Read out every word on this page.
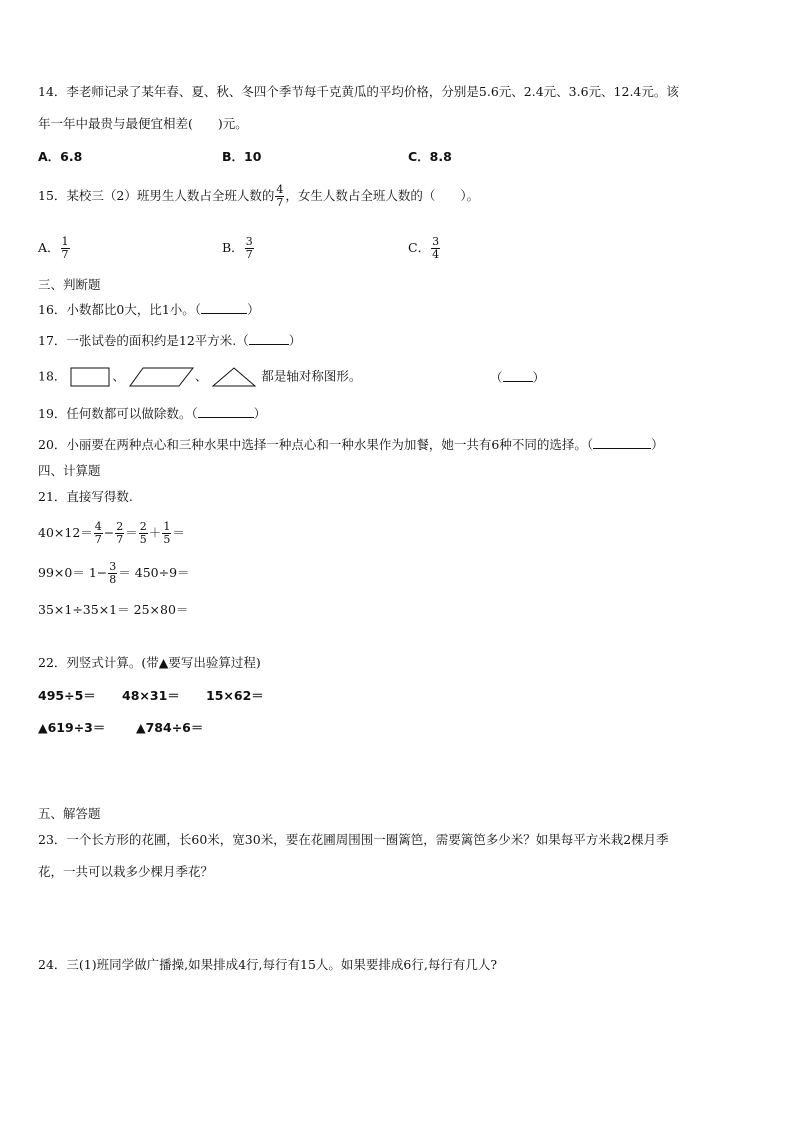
14．李老师记录了某年春、夏、秋、冬四个季节每千克黄瓜的平均价格，分别是5.6元、2.4元、3.6元、12.4元。该
年一年中最贵与最便宜相差(　　)元。
A．6.8	B．10	C．8.8
15．某校三（2）班男生人数占全班人数的 $\frac{4}{7}$ ，女生人数占全班人数的（　　）。
A． $\frac{1}{7}$	B． $\frac{3}{7}$	C． $\frac{3}{4}$
三、判断题
16．小数都比0大，比1小。（	）
17．一张试卷的面积约是12平方米.（	）
18．	、	、	都是轴对称图形。	（ ）
19．任何数都可以做除数。（	）
20．小丽要在两种点心和三种水果中选择一种点心和一种水果作为加餐，她一共有6种不同的选择。（	）
四、计算题
21．直接写得数.
$40\times 12= \frac{4}{7} - \frac{2}{7} = \frac{2}{5} + \frac{1}{5}$ ＝
$99\times 0= 1- \frac{3}{8} = 450\div 9=$
35×1÷35×1＝ 25×80＝
22．列竖式计算。(带▲要写出验算过程)
495÷5＝ 48×31＝ 15×62＝
▲619÷3＝ ▲784÷6＝
五、解答题
23．一个长方形的花圃，长60米，宽30米，要在花圃周围围一圈篱笆，需要篱笆多少米？如果每平方米栽2棵月季
花，一共可以栽多少棵月季花？
24．三(1)班同学做广播操,如果排成4行,每行有15人。如果要排成6行,每行有几人?
